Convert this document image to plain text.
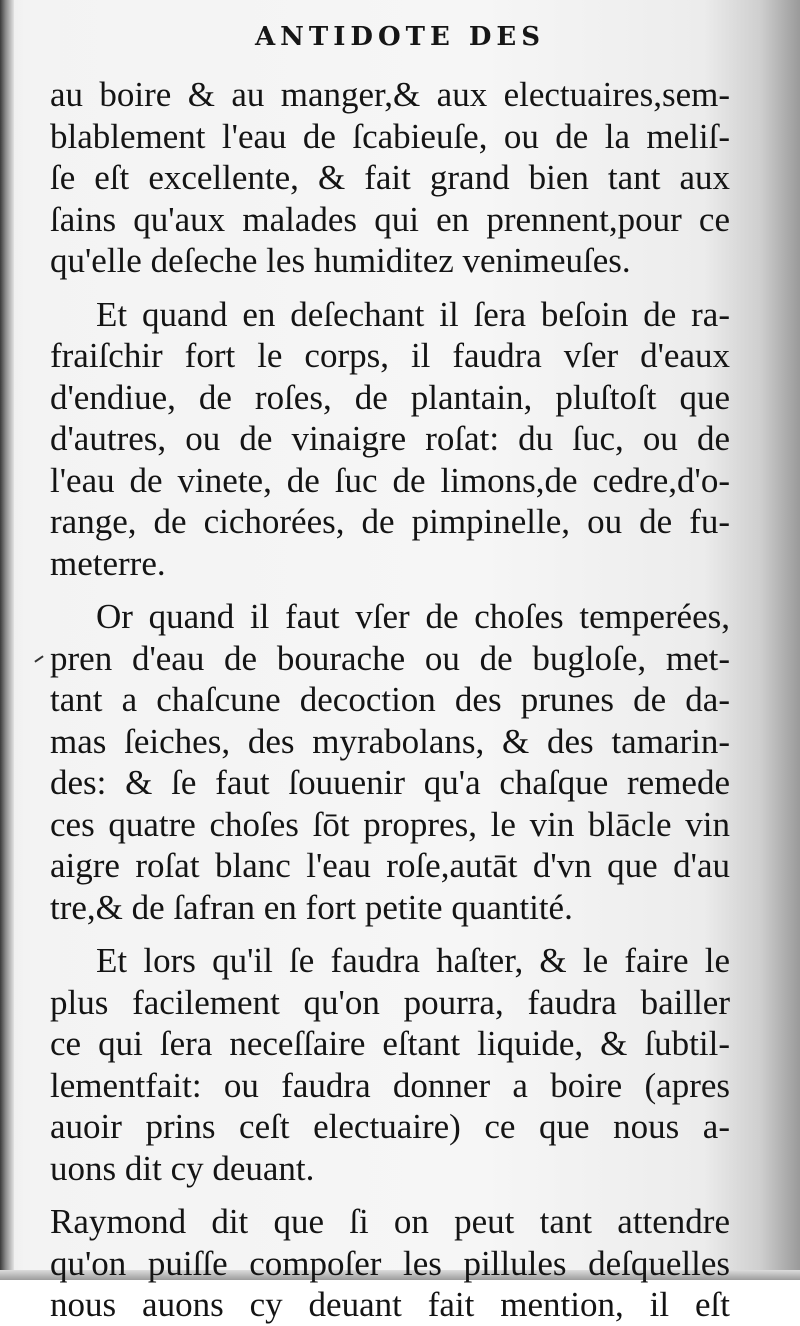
ANTIDOTE DES
au boire & au manger,& aux electuaires,sem-
blablement l'eau de ſcabieuſe, ou de la meliſ-
ſe eſt excellente, & fait grand bien tant aux
ſains qu'aux malades qui en prennent,pour ce
qu'elle deſeche les humiditez venimeuſes.
Et quand en deſechant il ſera beſoin de ra-
fraiſchir fort le corps, il faudra vſer d'eaux
d'endiue, de roſes, de plantain, pluſtoſt que
d'autres, ou de vinaigre roſat: du ſuc, ou de
l'eau de vinete, de ſuc de limons,de cedre,d'o-
range, de cichorées, de pimpinelle, ou de fu-
meterre.
Or quand il faut vſer de choſes temperées,
pren d'eau de bourache ou de bugloſe, met-
tant a chaſcune decoction des prunes de da-
mas ſeiches, des myrabolans, & des tamarin-
des: & ſe faut ſouuenir qu'a chaſque remede
ces quatre choſes ſōt propres, le vin blācle vin
aigre roſat blanc l'eau roſe,autāt d'vn que d'au
tre,& de ſafran en fort petite quantité.
Et lors qu'il ſe faudra haſter, & le faire le
plus facilement qu'on pourra, faudra bailler
ce qui ſera neceſſaire eſtant liquide, & ſubtil-
lementfait: ou faudra donner a boire (apres
auoir prins ceſt electuaire) ce que nous a-
uons dit cy deuant.
Raymond dit que ſi on peut tant attendre
qu'on puiſſe compoſer les pillules deſquelles
nous auons cy deuant fait mention, il eſt
